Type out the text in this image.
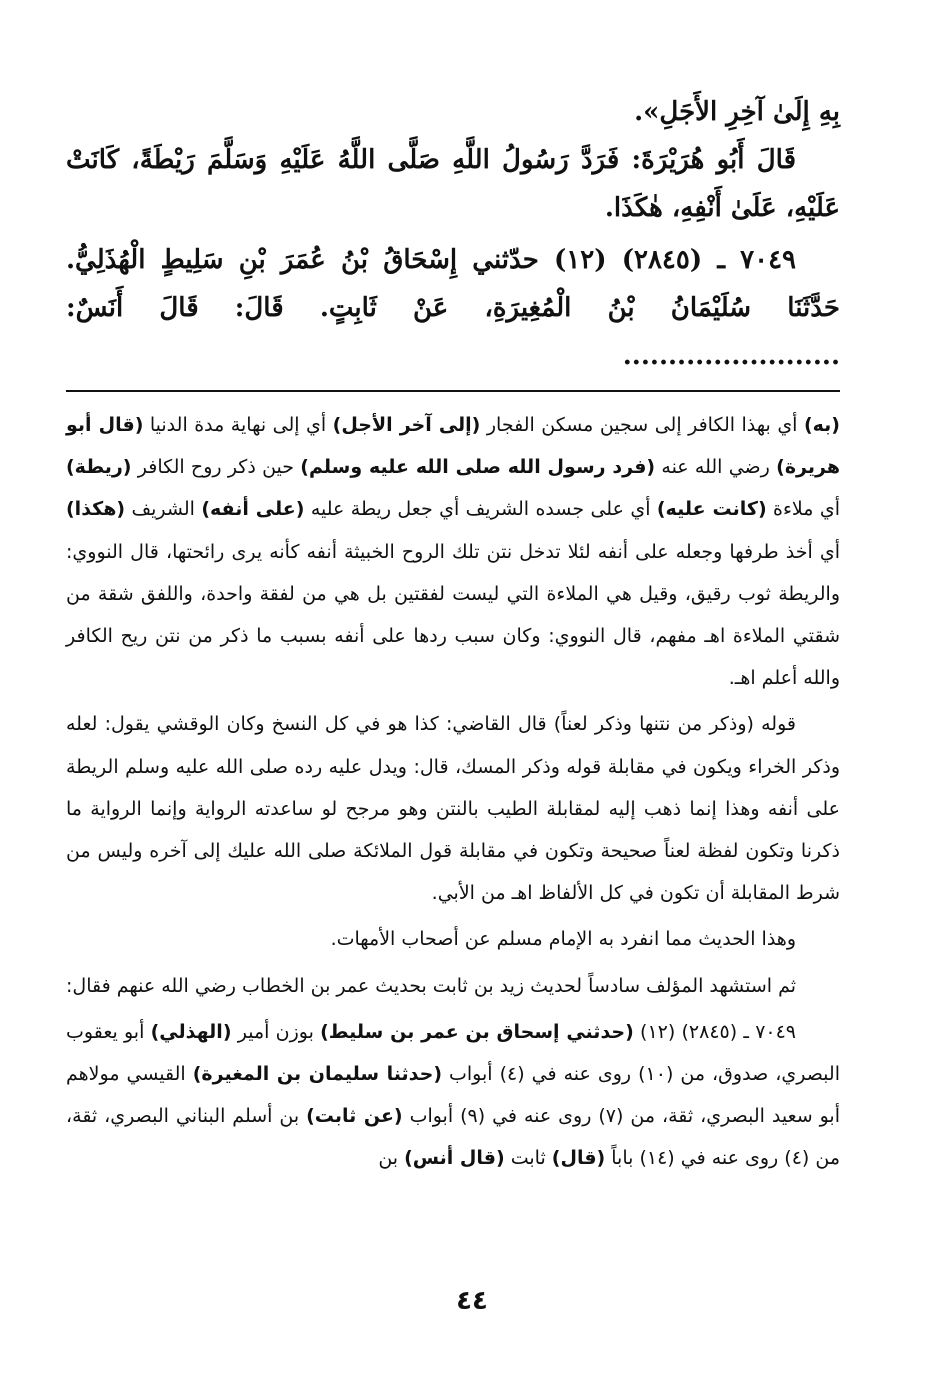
بِهِ إِلَىٰ آخِرِ الأَجَلِ».

قَالَ أَبُو هُرَيْرَةَ: فَرَدَّ رَسُولُ اللَّهِ صَلَّى اللَّهُ عَلَيْهِ وَسَلَّمَ رَيْطَةً، كَانَتْ عَلَيْهِ، عَلَىٰ أَنْفِهِ، هٰكَذَا.

٧٠٤٩ ـ (٢٨٤٥) (١٢) حدّثني إِسْحَاقُ بْنُ عُمَرَ بْنِ سَلِيطٍ الْهُذَلِيُّ. حَدَّثَنَا سُلَيْمَانُ بْنُ الْمُغِيرَةِ، عَنْ ثَابِتٍ. قَالَ: قَالَ أَنَسٌ: ........................

(به) أي بهذا الكافر إلى سجين مسكن الفجار (إلى آخر الأجل) أي إلى نهاية مدة الدنيا (قال أبو هريرة) رضي الله عنه (فرد رسول الله صلى الله عليه وسلم) حين ذكر روح الكافر (ريطة) أي ملاءة (كانت عليه) أي على جسده الشريف أي جعل ريطة عليه (على أنفه) الشريف (هكذا) أي أخذ طرفها وجعله على أنفه لئلا تدخل نتن تلك الروح الخبيثة أنفه كأنه يرى رائحتها، قال النووي: والريطة ثوب رقيق، وقيل هي الملاءة التي ليست لفقتين بل هي من لفقة واحدة، واللفق شقة من شقتي الملاءة اهـ مفهم، قال النووي: وكان سبب ردها على أنفه بسبب ما ذكر من نتن ريح الكافر والله أعلم اهـ.

قوله (وذكر من نتنها وذكر لعناً) قال القاضي: كذا هو في كل النسخ وكان الوقشي يقول: لعله وذكر الخراء ويكون في مقابلة قوله وذكر المسك، قال: ويدل عليه رده صلى الله عليه وسلم الريطة على أنفه وهذا إنما ذهب إليه لمقابلة الطيب بالنتن وهو مرجح لو ساعدته الرواية وإنما الرواية ما ذكرنا وتكون لفظة لعناً صحيحة وتكون في مقابلة قول الملائكة صلى الله عليك إلى آخره وليس من شرط المقابلة أن تكون في كل الألفاظ اهـ من الأبي.

وهذا الحديث مما انفرد به الإمام مسلم عن أصحاب الأمهات.

ثم استشهد المؤلف سادساً لحديث زيد بن ثابت بحديث عمر بن الخطاب رضي الله عنهم فقال:

٧٠٤٩ ـ (٢٨٤٥) (١٢) (حدثني إسحاق بن عمر بن سليط) بوزن أمير (الهذلي) أبو يعقوب البصري، صدوق، من (١٠) روى عنه في (٤) أبواب (حدثنا سليمان بن المغيرة) القيسي مولاهم أبو سعيد البصري، ثقة، من (٧) روى عنه في (٩) أبواب (عن ثابت) بن أسلم البناني البصري، ثقة، من (٤) روى عنه في (١٤) باباً (قال) ثابت (قال أنس) بن

٤٤
